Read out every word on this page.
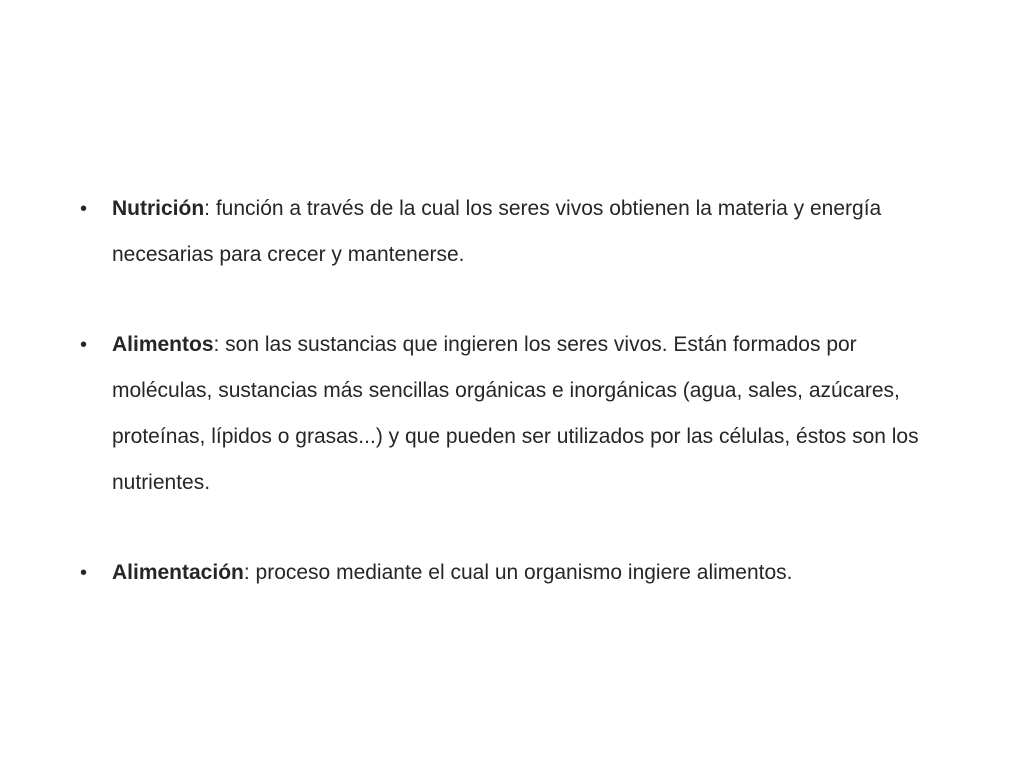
•	Nutrición: función a través de la cual los seres vivos obtienen la materia y energía necesarias para crecer y mantenerse.
•	Alimentos: son las sustancias que ingieren los seres vivos. Están formados por moléculas, sustancias más sencillas orgánicas e inorgánicas (agua, sales, azúcares, proteínas, lípidos o grasas...) y que pueden ser utilizados por las células, éstos son los nutrientes.
•	Alimentación: proceso mediante el cual un organismo ingiere alimentos.
